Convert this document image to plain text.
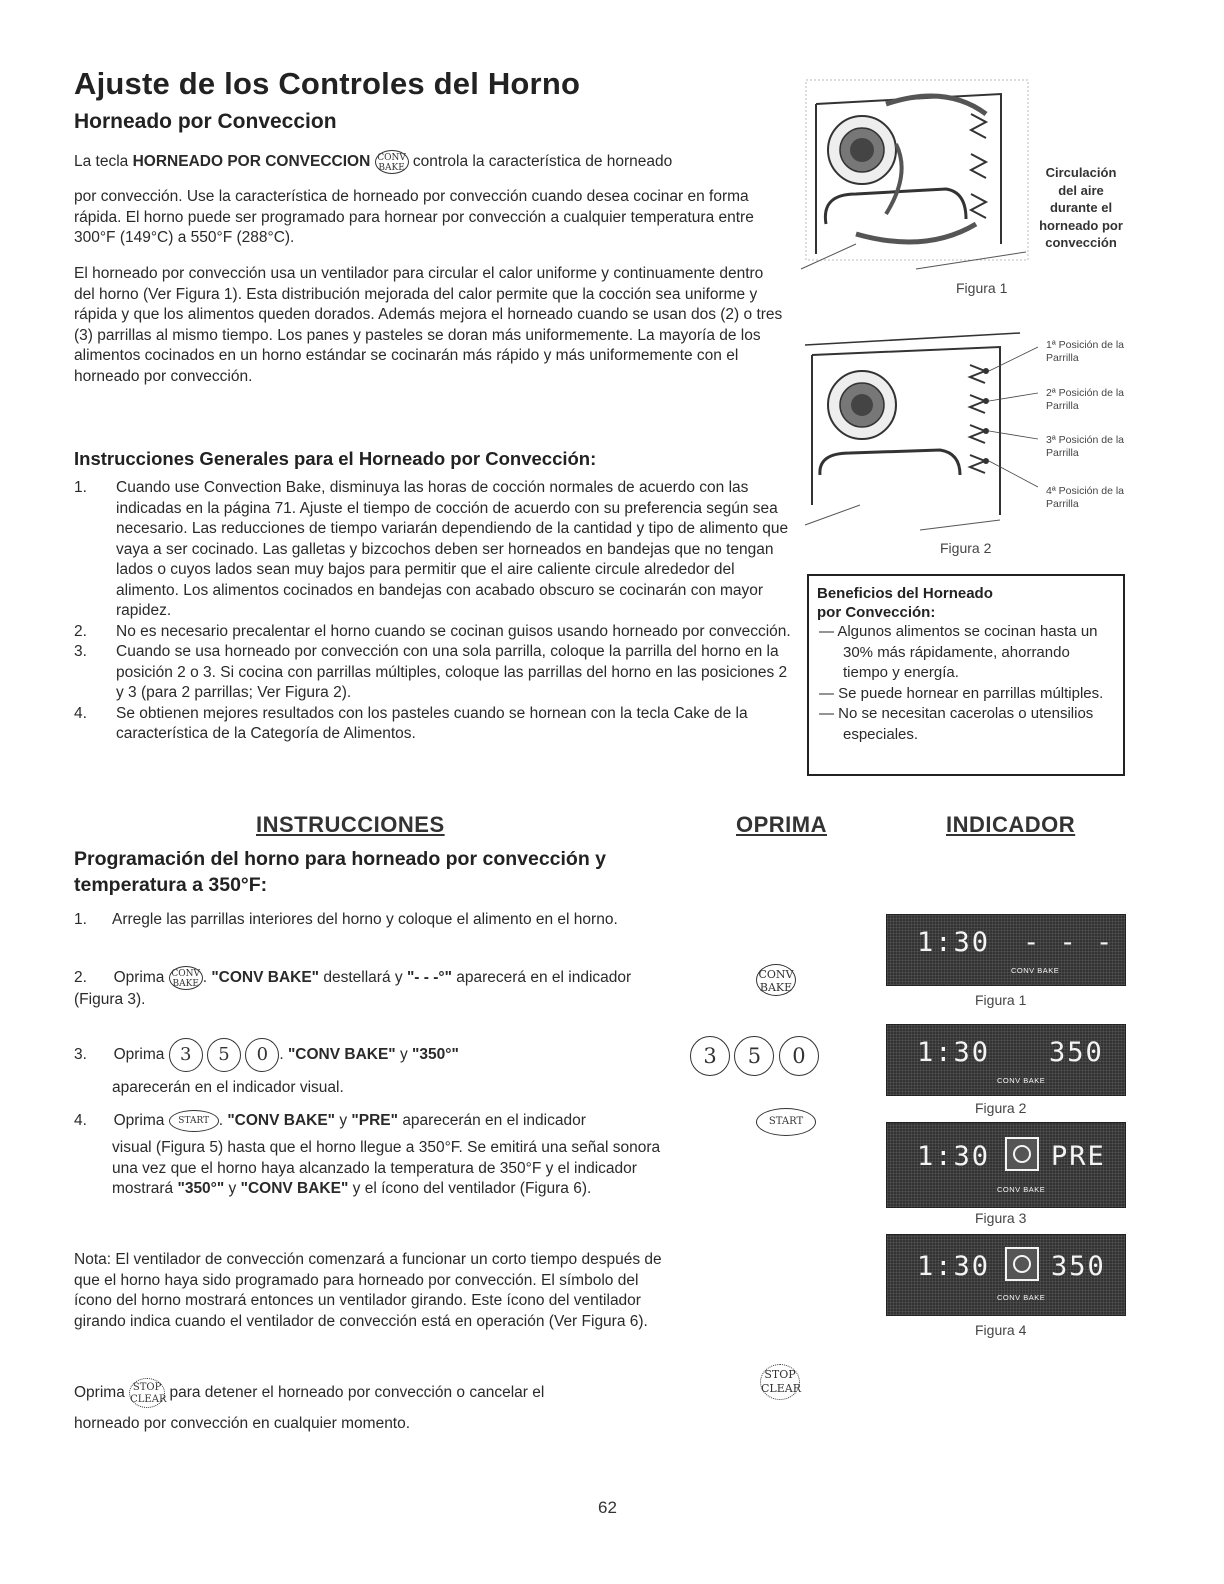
Ajuste de los Controles del Horno
Horneado por Conveccion
La tecla HORNEADO POR CONVECCION CONV
BAKE controla la característica de horneado
por convección. Use la característica de horneado por convección cuando desea cocinar en forma rápida. El horno puede ser programado para hornear por convección a cualquier temperatura entre 300°F (149°C) a 550°F (288°C).
El horneado por convección usa un ventilador para circular el calor uniforme y continuamente dentro del horno (Ver Figura 1). Esta distribución mejorada del calor permite que la cocción sea uniforme y rápida y que los alimentos queden dorados. Además mejora el horneado cuando se usan dos (2) o tres (3) parrillas al mismo tiempo. Los panes y pasteles se doran más uniformemente. La mayoría de los alimentos cocinados en un horno estándar se cocinarán más rápido y más uniformemente con el horneado por convección.
Circulación del aire durante el horneado por convección
Figura 1
1ª Posición de la Parrilla
2ª Posición de la Parrilla
3ª Posición de la Parrilla
4ª Posición de la Parrilla
Figura 2
Instrucciones Generales para el Horneado por Convección:
1. Cuando use Convection Bake, disminuya las horas de cocción normales de acuerdo con las indicadas en la página 71. Ajuste el tiempo de cocción de acuerdo con su preferencia según sea necesario. Las reducciones de tiempo variarán dependiendo de la cantidad y tipo de alimento que vaya a ser cocinado. Las galletas y bizcochos deben ser horneados en bandejas que no tengan lados o cuyos lados sean muy bajos para permitir que el aire caliente circule alrededor del alimento. Los alimentos cocinados en bandejas con acabado obscuro se cocinarán con mayor rapidez.
2. No es necesario precalentar el horno cuando se cocinan guisos usando horneado por convección.
3. Cuando se usa horneado por convección con una sola parrilla, coloque la parrilla del horno en la posición 2 o 3. Si cocina con parrillas múltiples, coloque las parrillas del horno en las posiciones 2 y 3 (para 2 parrillas; Ver Figura 2).
4. Se obtienen mejores resultados con los pasteles cuando se hornean con la tecla Cake de la característica de la Categoría de Alimentos.
Beneficios del Horneado
por Convección:
— Algunos alimentos se cocinan hasta un 30% más rápidamente, ahorrando tiempo y energía.
— Se puede hornear en parrillas múltiples.
— No se necesitan cacerolas o utensilios especiales.
INSTRUCCIONES	OPRIMA	INDICADOR
Programación del horno para horneado por convección y temperatura a 350°F:
1.	Arregle las parrillas interiores del horno y coloque el alimento en el horno.
2. Oprima CONV
BAKE . "CONV BAKE" destellará y "- - -°" aparecerá en el indicador (Figura 3).
3. Oprima 3 5 0 . "CONV BAKE" y "350°"
aparecerán en el indicador visual.
4. Oprima START . "CONV BAKE" y "PRE" aparecerán en el indicador
visual (Figura 5) hasta que el horno llegue a 350°F. Se emitirá una señal sonora una vez que el horno haya alcanzado la temperatura de 350°F y el indicador mostrará "350°" y "CONV BAKE" y el ícono del ventilador (Figura 6).
Nota: El ventilador de convección comenzará a funcionar un corto tiempo después de que el horno haya sido programado para horneado por convección. El símbolo del ícono del horno mostrará entonces un ventilador girando. Este ícono del ventilador girando indica cuando el ventilador de convección está en operación (Ver Figura 6).
Oprima STOP
CLEAR para detener el horneado por convección o cancelar el
horneado por convección en cualquier momento.
CONV
BAKE
3 5 0
START
STOP
CLEAR
1:30 - - -
CONV BAKE
Figura 1
1:30 350
CONV BAKE
Figura 2
1:30 PRE
CONV BAKE
Figura 3
1:30 350
CONV BAKE
Figura 4
62
